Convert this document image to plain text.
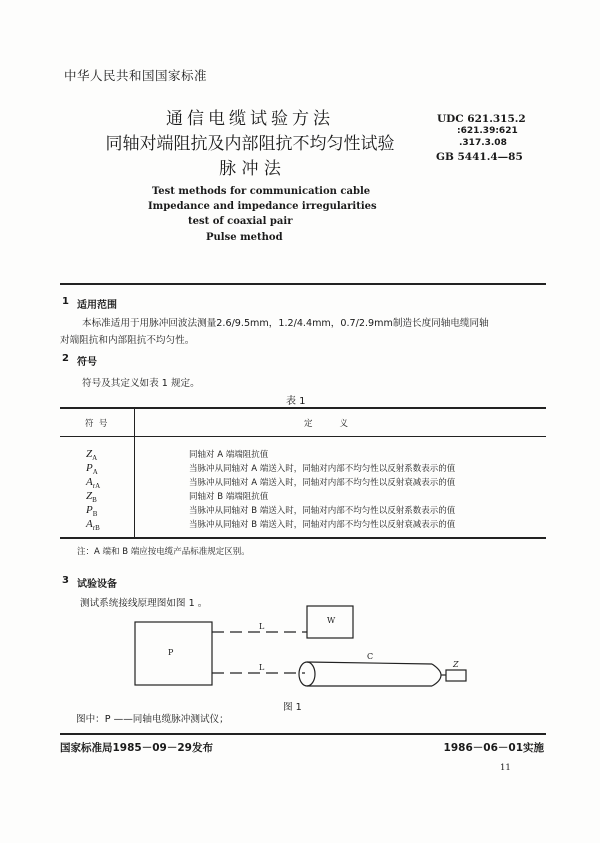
中华人民共和国国家标准
通信电缆试验方法
同轴对端阻抗及内部阻抗不均匀性试验
脉 冲 法
Test methods for communication cable
Impedance and impedance irregularities
test of coaxial pair
Pulse method
UDC 621.315.2
:621.39:621
.317.3.08
GB 5441.4—85
1 适用范围
本标准适用于用脉冲回波法测量2.6/9.5mm，1.2/4.4mm，0.7/2.9mm制造长度同轴电缆同轴
对端阻抗和内部阻抗不均匀性。
2 符号
符号及其定义如表 1 规定。
表 1
符  号	定          义
$Z_A$	同轴对 A 端端阻抗值
$P_A$	当脉冲从同轴对 A 端送入时，同轴对内部不均匀性以反射系数表示的值
$A_{rA}$	当脉冲从同轴对 A 端送入时，同轴对内部不均匀性以反射衰减表示的值
$Z_B$	同轴对 B 端端阻抗值
$P_B$	当脉冲从同轴对 B 端送入时，同轴对内部不均匀性以反射系数表示的值
$A_{rB}$	当脉冲从同轴对 B 端送入时，同轴对内部不均匀性以反射衰减表示的值
注：A 端和 B 端应按电缆产品标准规定区别。
3 试验设备
测试系统接线原理图如图 1 。
P
W
L
L
C
Z
图 1
图中：P ——同轴电缆脉冲测试仪；
国家标准局1985－09－29发布	1986－06－01实施
11
